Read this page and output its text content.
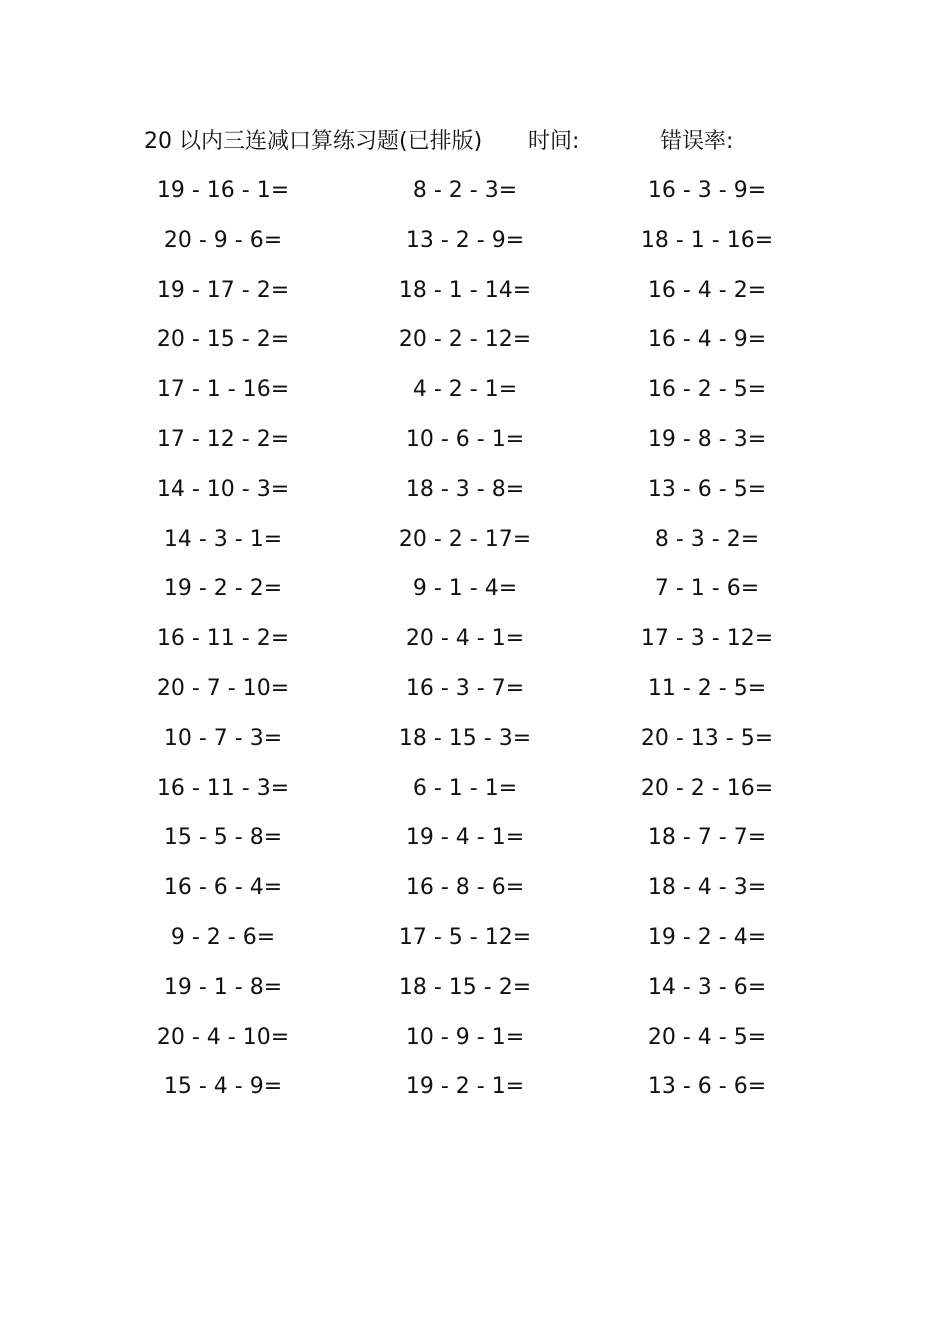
20 以内三连减口算练习题(已排版) 时间:	错误率:
19 - 16 - 1=	8 - 2 - 3=	16 - 3 - 9=
20 - 9 - 6=	13 - 2 - 9=	18 - 1 - 16=
19 - 17 - 2=	18 - 1 - 14=	16 - 4 - 2=
20 - 15 - 2=	20 - 2 - 12=	16 - 4 - 9=
17 - 1 - 16=	4 - 2 - 1=	16 - 2 - 5=
17 - 12 - 2=	10 - 6 - 1=	19 - 8 - 3=
14 - 10 - 3=	18 - 3 - 8=	13 - 6 - 5=
14 - 3 - 1=	20 - 2 - 17=	8 - 3 - 2=
19 - 2 - 2=	9 - 1 - 4=	7 - 1 - 6=
16 - 11 - 2=	20 - 4 - 1=	17 - 3 - 12=
20 - 7 - 10=	16 - 3 - 7=	11 - 2 - 5=
10 - 7 - 3=	18 - 15 - 3=	20 - 13 - 5=
16 - 11 - 3=	6 - 1 - 1=	20 - 2 - 16=
15 - 5 - 8=	19 - 4 - 1=	18 - 7 - 7=
16 - 6 - 4=	16 - 8 - 6=	18 - 4 - 3=
9 - 2 - 6=	17 - 5 - 12=	19 - 2 - 4=
19 - 1 - 8=	18 - 15 - 2=	14 - 3 - 6=
20 - 4 - 10=	10 - 9 - 1=	20 - 4 - 5=
15 - 4 - 9=	19 - 2 - 1=	13 - 6 - 6=
